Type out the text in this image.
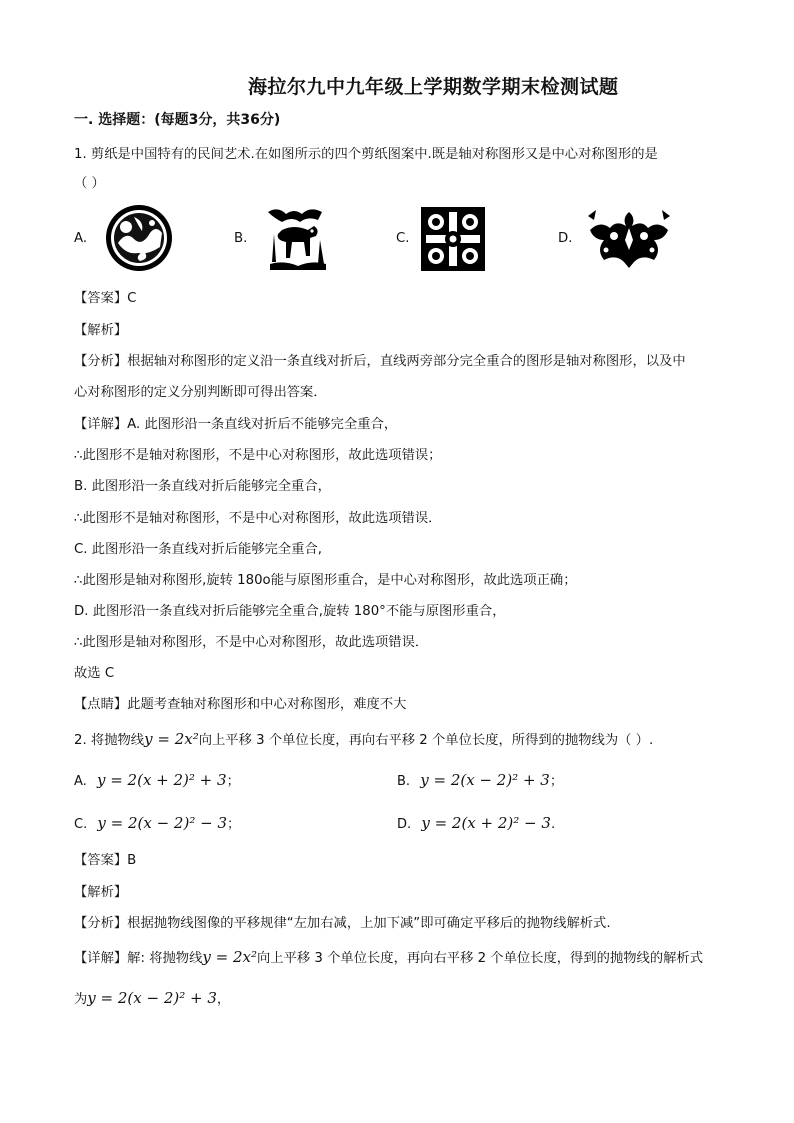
海拉尔九中九年级上学期数学期末检测试题
一. 选择题：(每题3分，共36分)
1. 剪纸是中国特有的民间艺术.在如图所示的四个剪纸图案中.既是轴对称图形又是中心对称图形的是
（ ）
A.	B.	C.	D.
【答案】C
【解析】
【分析】根据轴对称图形的定义沿一条直线对折后，直线两旁部分完全重合的图形是轴对称图形，以及中
心对称图形的定义分别判断即可得出答案．
【详解】A. 此图形沿一条直线对折后不能够完全重合，
∴此图形不是轴对称图形，不是中心对称图形，故此选项错误；
B. 此图形沿一条直线对折后能够完全重合，
∴此图形不是轴对称图形，不是中心对称图形，故此选项错误．
C. 此图形沿一条直线对折后能够完全重合,
∴此图形是轴对称图形,旋转 180o能与原图形重合，是中心对称图形，故此选项正确；
D. 此图形沿一条直线对折后能够完全重合,旋转 180°不能与原图形重合，
∴此图形是轴对称图形，不是中心对称图形，故此选项错误．
故选 C
【点睛】此题考查轴对称图形和中心对称图形，难度不大
2. 将抛物线y = 2x²向上平移 3 个单位长度，再向右平移 2 个单位长度，所得到的抛物线为（ ）.
A. y = 2(x + 2)² + 3；	B. y = 2(x − 2)² + 3；
C. y = 2(x − 2)² − 3；	D. y = 2(x + 2)² − 3.
【答案】B
【解析】
【分析】根据抛物线图像的平移规律“左加右减，上加下减”即可确定平移后的抛物线解析式.
【详解】解: 将抛物线y = 2x²向上平移 3 个单位长度，再向右平移 2 个单位长度，得到的抛物线的解析式
为y = 2(x − 2)² + 3，
